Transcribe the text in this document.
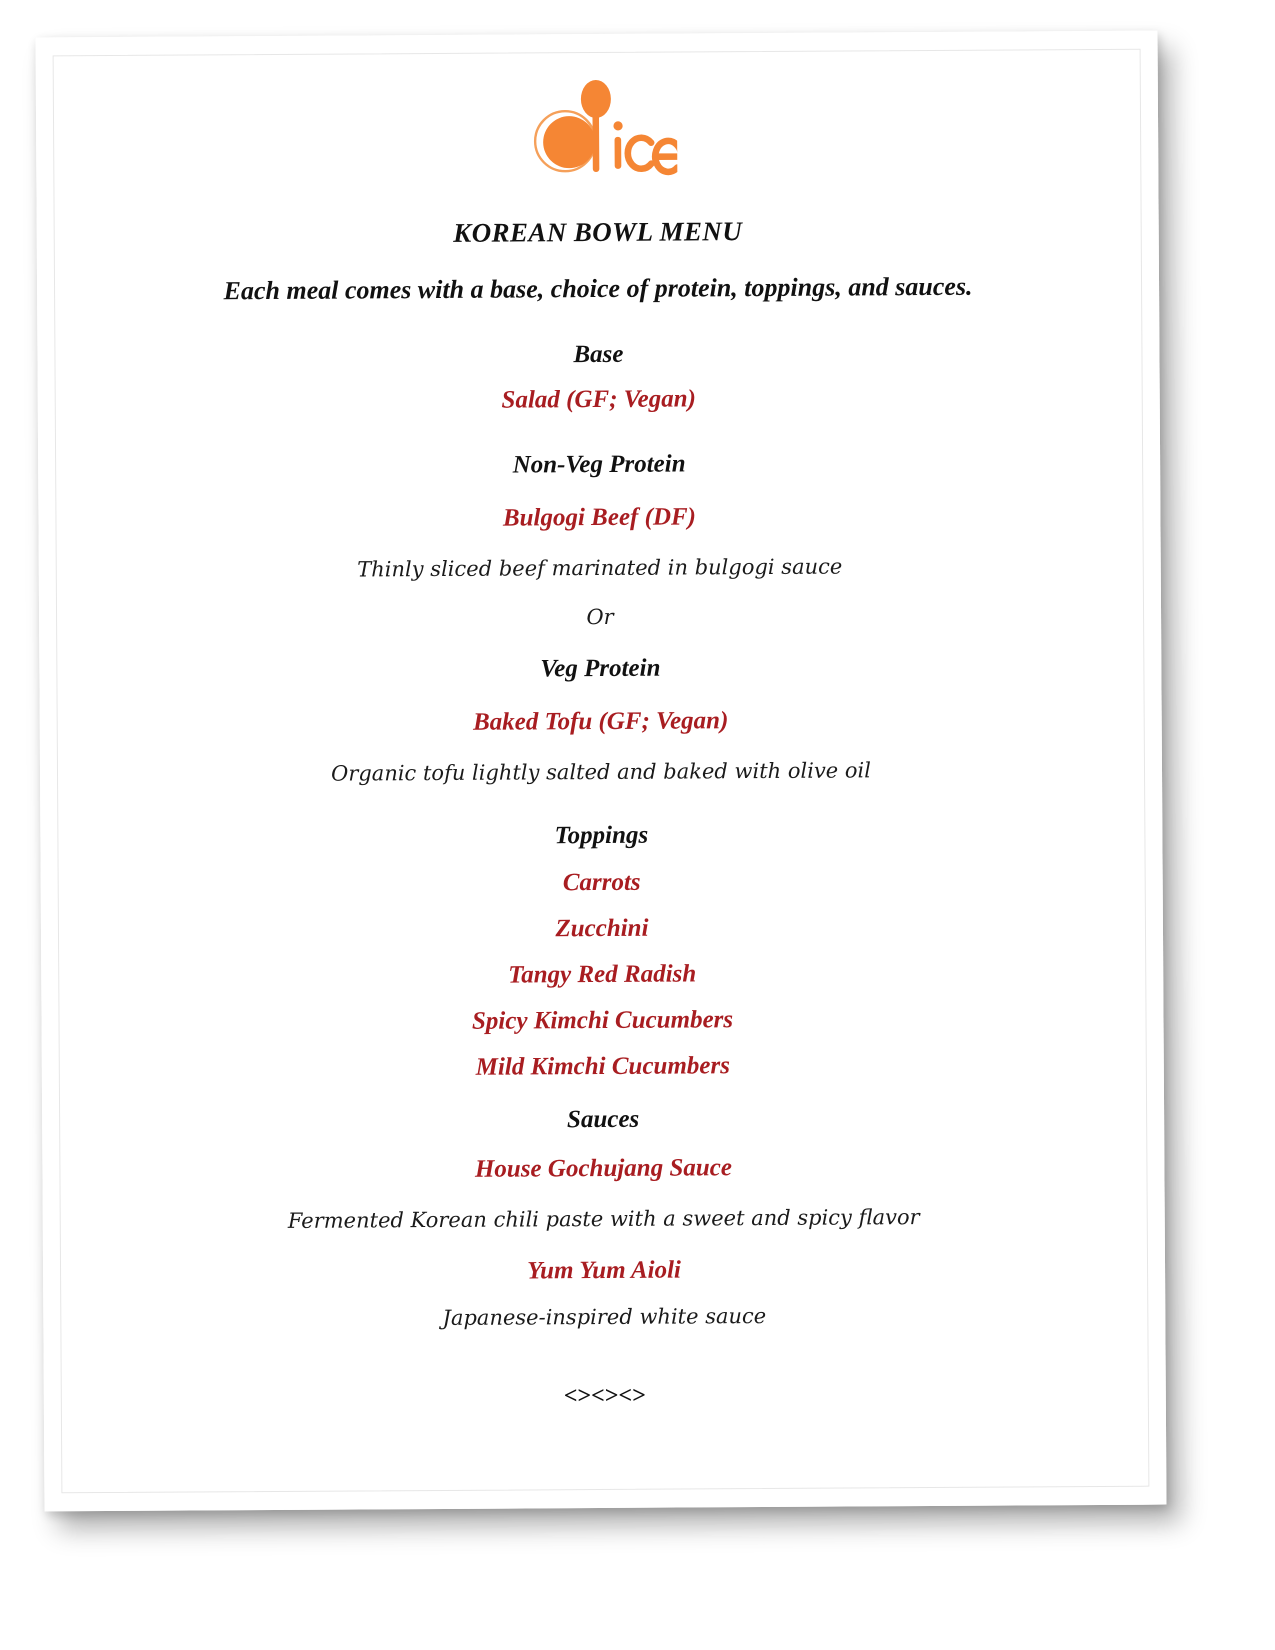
KOREAN BOWL MENU
Each meal comes with a base, choice of protein, toppings, and sauces.
Base
Salad (GF; Vegan)
Non-Veg Protein
Bulgogi Beef (DF)
Thinly sliced beef marinated in bulgogi sauce
Or
Veg Protein
Baked Tofu (GF; Vegan)
Organic tofu lightly salted and baked with olive oil
Toppings
Carrots
Zucchini
Tangy Red Radish
Spicy Kimchi Cucumbers
Mild Kimchi Cucumbers
Sauces
House Gochujang Sauce
Fermented Korean chili paste with a sweet and spicy flavor
Yum Yum Aioli
Japanese-inspired white sauce
<><><>
